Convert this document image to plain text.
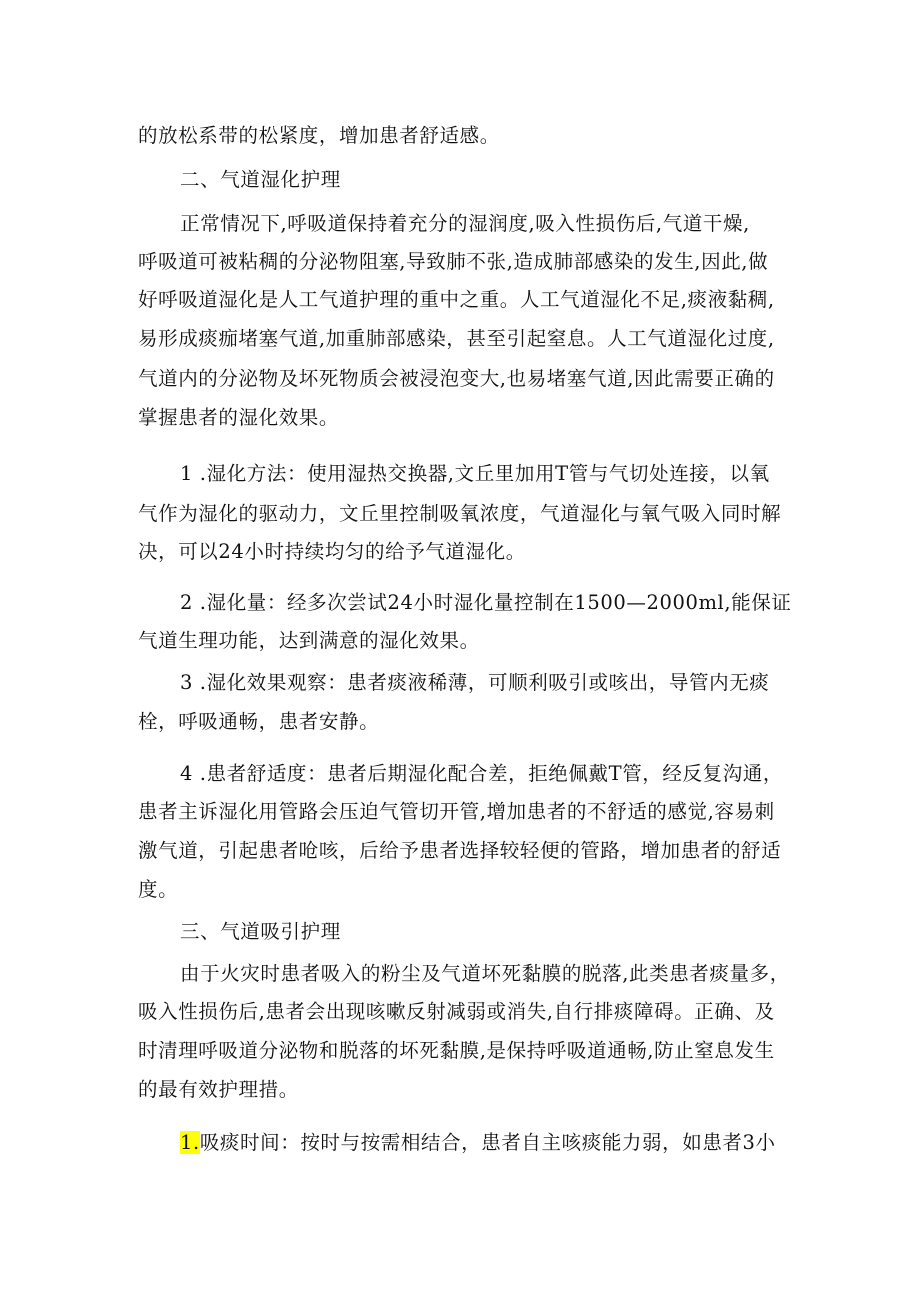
的放松系带的松紧度，增加患者舒适感。
二、气道湿化护理
正常情况下,呼吸道保持着充分的湿润度,吸入性损伤后,气道干燥,
呼吸道可被粘稠的分泌物阻塞,导致肺不张,造成肺部感染的发生,因此,做
好呼吸道湿化是人工气道护理的重中之重。人工气道湿化不足,痰液黏稠,
易形成痰痂堵塞气道,加重肺部感染，甚至引起窒息。人工气道湿化过度,
气道内的分泌物及坏死物质会被浸泡变大,也易堵塞气道,因此需要正确的
掌握患者的湿化效果。
1 .湿化方法：使用湿热交换器,文丘里加用T管与气切处连接，以氧
气作为湿化的驱动力，文丘里控制吸氧浓度，气道湿化与氧气吸入同时解
决，可以24小时持续均匀的给予气道湿化。
2 .湿化量：经多次尝试24小时湿化量控制在1500—2000ml,能保证
气道生理功能，达到满意的湿化效果。
3 .湿化效果观察：患者痰液稀薄，可顺利吸引或咳出，导管内无痰
栓，呼吸通畅，患者安静。
4 .患者舒适度：患者后期湿化配合差，拒绝佩戴T管，经反复沟通，
患者主诉湿化用管路会压迫气管切开管,增加患者的不舒适的感觉,容易刺
激气道，引起患者呛咳，后给予患者选择较轻便的管路，增加患者的舒适
度。
三、气道吸引护理
由于火灾时患者吸入的粉尘及气道坏死黏膜的脱落,此类患者痰量多，
吸入性损伤后,患者会出现咳嗽反射减弱或消失,自行排痰障碍。正确、及
时清理呼吸道分泌物和脱落的坏死黏膜,是保持呼吸道通畅,防止窒息发生
的最有效护理措。
1.吸痰时间：按时与按需相结合，患者自主咳痰能力弱，如患者3小
